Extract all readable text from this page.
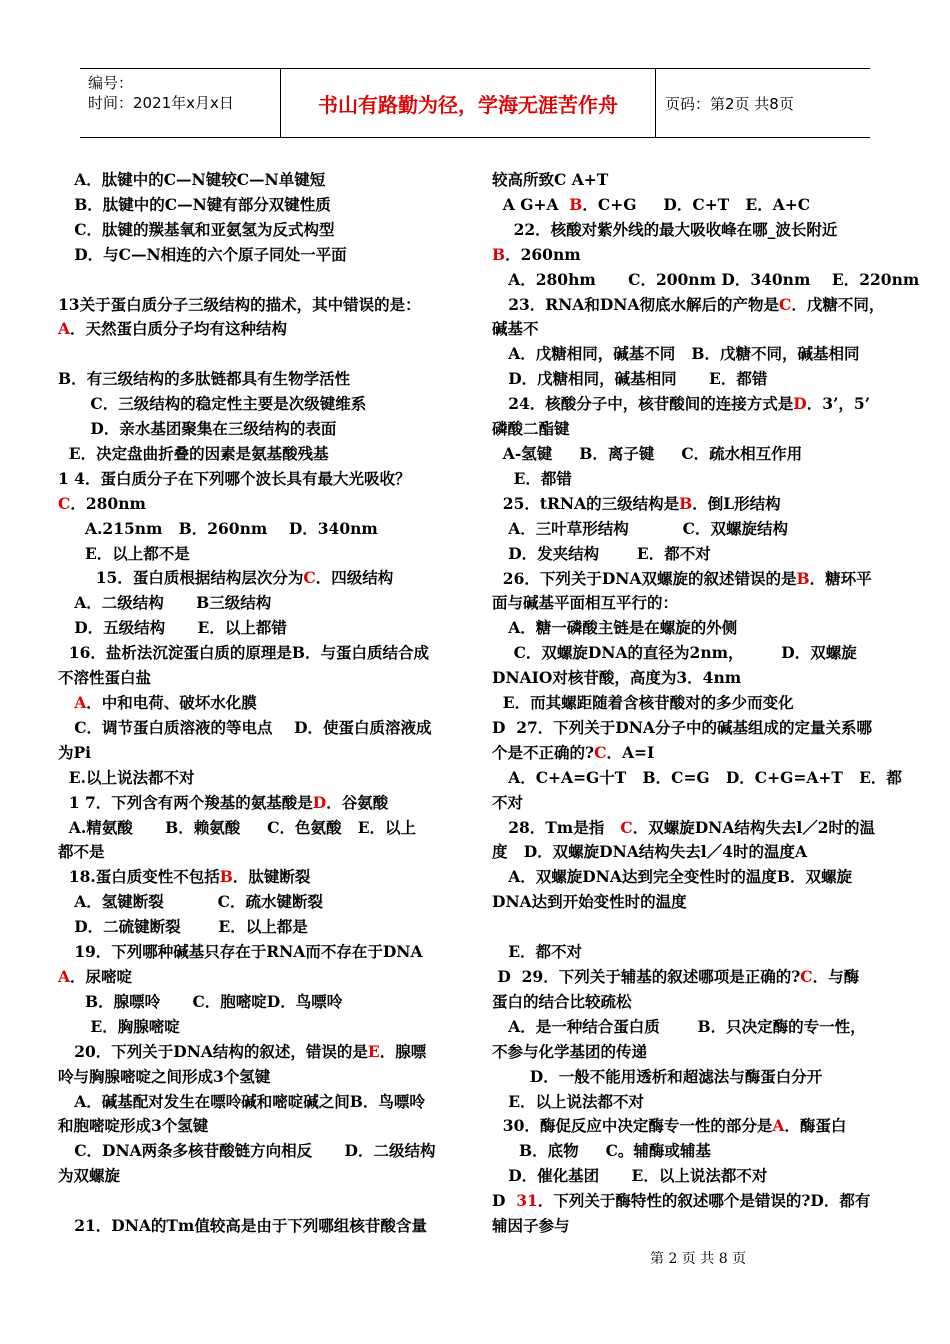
编号：
时间：2021年x月x日	书山有路勤为径，学海无涯苦作舟	页码：第2页 共8页
A．肽键中的C—N键较C—N单键短
B．肽键中的C—N键有部分双键性质
C．肽键的羰基氧和亚氨氢为反式构型
D．与C—N相连的六个原子同处一平面
13关于蛋白质分子三级结构的描术，其中错误的是：
A．天然蛋白质分子均有这种结构
B．有三级结构的多肽链都具有生物学活性
C．三级结构的稳定性主要是次级键维系
D．亲水基团聚集在三级结构的表面
E．决定盘曲折叠的因素是氨基酸残基
1 4．蛋白质分子在下列哪个波长具有最大光吸收？
C．280nm
A.215nm   B．260nm    D．340nm
E．以上都不是
15．蛋白质根据结构层次分为C．四级结构
A．二级结构      B三级结构
D．五级结构      E．以上都错
16．盐析法沉淀蛋白质的原理是B．与蛋白质结合成
不溶性蛋白盐
A．中和电荷、破坏水化膜
C．调节蛋白质溶液的等电点    D．使蛋白质溶液成
为Pi
E.以上说法都不对
1 7．下列含有两个羧基的氨基酸是D．谷氨酸
A.精氨酸      B．赖氨酸     C．色氨酸   E．以上
都不是
18.蛋白质变性不包括B．肽键断裂
A．氢键断裂          C．疏水键断裂
D．二硫键断裂       E．以上都是
19．下列哪种碱基只存在于RNA而不存在于DNA
A．尿嘧啶
B．腺嘌呤      C．胞嘧啶D．鸟嘌呤
E．胸腺嘧啶
20．下列关于DNA结构的叙述，错误的是E．腺嘌
呤与胸腺嘧啶之间形成3个氢键
A．碱基配对发生在嘌呤碱和嘧啶碱之间B．鸟嘌呤
和胞嘧啶形成3个氢键
C．DNA两条多核苷酸链方向相反      D．二级结构
为双螺旋
21．DNA的Tm值较高是由于下列哪组核苷酸含量
较高所致C A+T
A G+A  B．C+G     D．C+T   E．A+C
22．核酸对紫外线的最大吸收峰在哪_波长附近
B．260nm
A．280hm      C．200nm D．340nm    E．220nm
23．RNA和DNA彻底水解后的产物是C．戊糖不同，
碱基不
A．戊糖相同，碱基不同   B．戊糖不同，碱基相同
D．戊糖相同，碱基相同      E．都错
24．核酸分子中，核苷酸间的连接方式是D．3’，5’
磷酸二酯键
A-氢键     B．离子键     C．疏水相互作用
E．都错
25．tRNA的三级结构是B．倒L形结构
A．三叶草形结构          C．双螺旋结构
D．发夹结构       E．都不对
26．下列关于DNA双螺旋的叙述错误的是B．糖环平
面与碱基平面相互平行的：
A．糖一磷酸主链是在螺旋的外侧
C．双螺旋DNA的直径为2nm，       D．双螺旋
DNAIO对核苷酸，高度为3．4nm
E．而其螺距随着含核苷酸对的多少而变化
D  27．下列关于DNA分子中的碱基组成的定量关系哪
个是不正确的?C．A=I
A．C+A=G十T   B．C=G   D．C+G=A+T   E．都
不对
28．Tm是指   C．双螺旋DNA结构失去l／2时的温
度   D．双螺旋DNA结构失去l／4时的温度A
A．双螺旋DNA达到完全变性时的温度B．双螺旋
DNA达到开始变性时的温度
E．都不对
D  29．下列关于辅基的叙述哪项是正确的?C．与酶
蛋白的结合比较疏松
A．是一种结合蛋白质       B．只决定酶的专一性，
不参与化学基团的传递
D．一般不能用透析和超滤法与酶蛋白分开
E．以上说法都不对
30．酶促反应中决定酶专一性的部分是A．酶蛋白
B．底物     C。辅酶或辅基
D．催化基团      E．以上说法都不对
D  31．下列关于酶特性的叙述哪个是错误的?D．都有
辅因子参与
第 2 页 共 8 页
